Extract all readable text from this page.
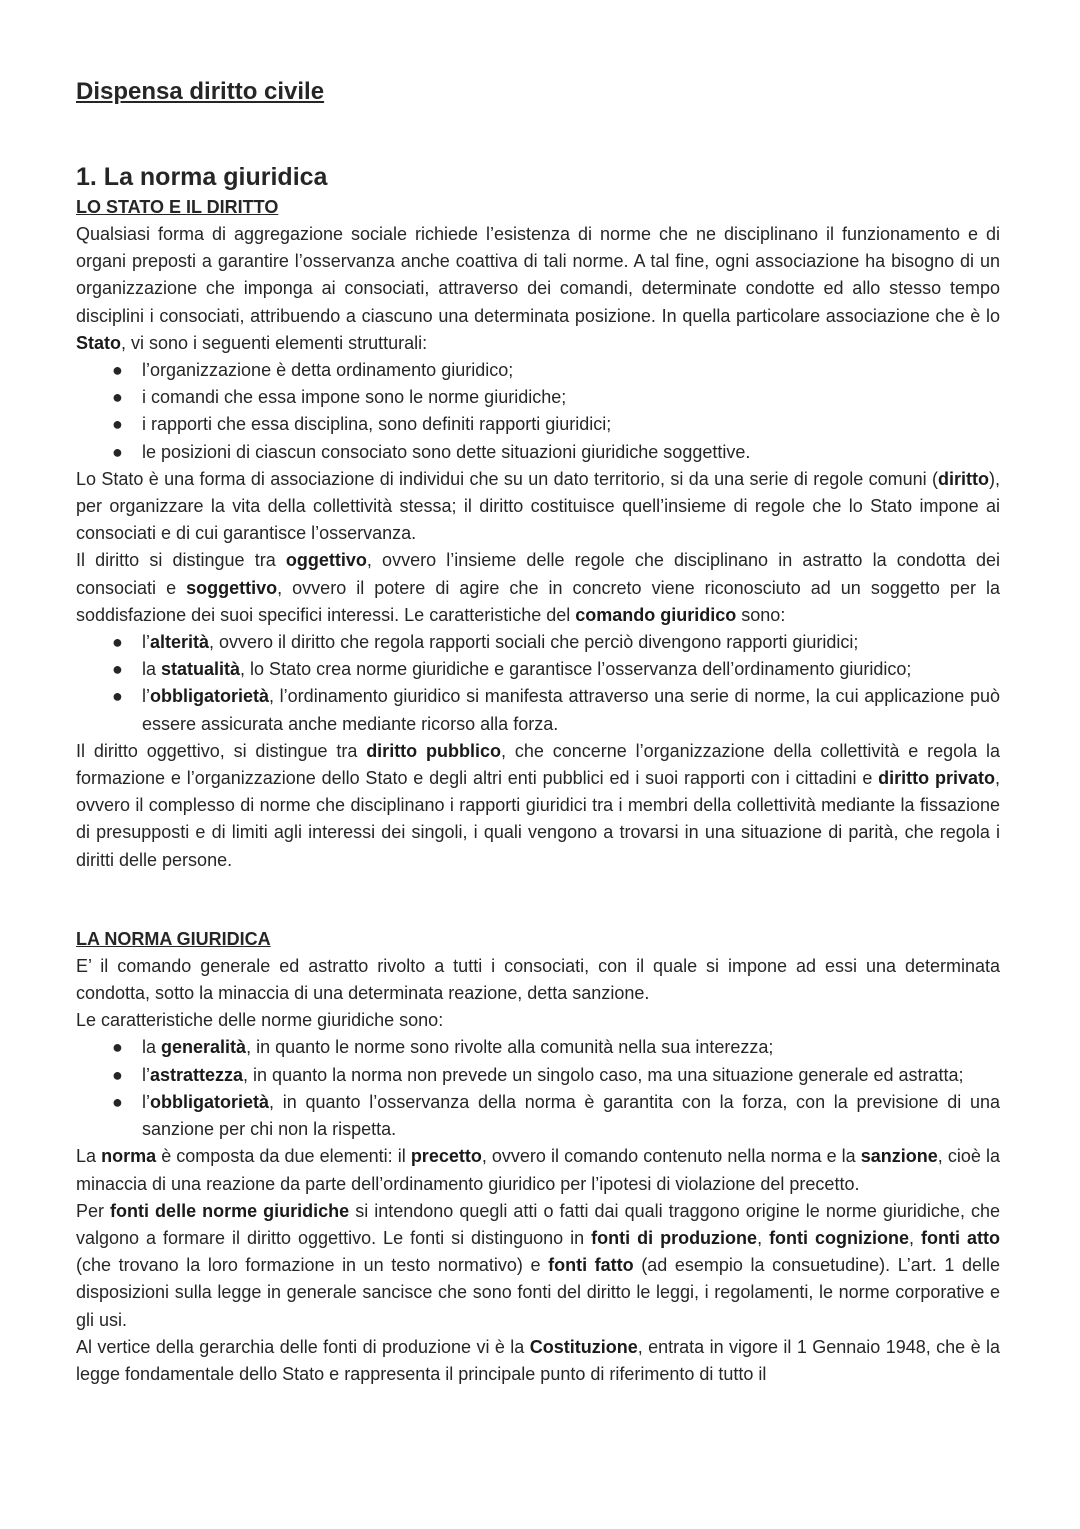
Dispensa diritto civile
1. La norma giuridica
LO STATO E IL DIRITTO

Qualsiasi forma di aggregazione sociale richiede l’esistenza di norme che ne disciplinano il funzionamento e di organi preposti a garantire l’osservanza anche coattiva di tali norme. A tal fine, ogni associazione ha bisogno di un organizzazione che imponga ai consociati, attraverso dei comandi, determinate condotte ed allo stesso tempo disciplini i consociati, attribuendo a ciascuno una determinata posizione. In quella particolare associazione che è lo Stato, vi sono i seguenti elementi strutturali:

● l’organizzazione è detta ordinamento giuridico;
● i comandi che essa impone sono le norme giuridiche;
● i rapporti che essa disciplina, sono definiti rapporti giuridici;
● le posizioni di ciascun consociato sono dette situazioni giuridiche soggettive.

Lo Stato è una forma di associazione di individui che su un dato territorio, si da una serie di regole comuni (diritto), per organizzare la vita della collettività stessa; il diritto costituisce quell’insieme di regole che lo Stato impone ai consociati e di cui garantisce l’osservanza.

Il diritto si distingue tra oggettivo, ovvero l’insieme delle regole che disciplinano in astratto la condotta dei consociati e soggettivo, ovvero il potere di agire che in concreto viene riconosciuto ad un soggetto per la soddisfazione dei suoi specifici interessi. Le caratteristiche del comando giuridico sono:

● l’alterità, ovvero il diritto che regola rapporti sociali che perciò divengono rapporti giuridici;
● la statualità, lo Stato crea norme giuridiche e garantisce l’osservanza dell’ordinamento giuridico;
● l’obbligatorietà, l’ordinamento giuridico si manifesta attraverso una serie di norme, la cui applicazione può essere assicurata anche mediante ricorso alla forza.

Il diritto oggettivo, si distingue tra diritto pubblico, che concerne l’organizzazione della collettività e regola la formazione e l’organizzazione dello Stato e degli altri enti pubblici ed i suoi rapporti con i cittadini e diritto privato, ovvero il complesso di norme che disciplinano i rapporti giuridici tra i membri della collettività mediante la fissazione di presupposti e di limiti agli interessi dei singoli, i quali vengono a trovarsi in una situazione di parità, che regola i diritti delle persone.

LA NORMA GIURIDICA

E’ il comando generale ed astratto rivolto a tutti i consociati, con il quale si impone ad essi una determinata condotta, sotto la minaccia di una determinata reazione, detta sanzione.

Le caratteristiche delle norme giuridiche sono:

● la generalità, in quanto le norme sono rivolte alla comunità nella sua interezza;
● l’astrattezza, in quanto la norma non prevede un singolo caso, ma una situazione generale ed astratta;
● l’obbligatorietà, in quanto l’osservanza della norma è garantita con la forza, con la previsione di una sanzione per chi non la rispetta.

La norma è composta da due elementi: il precetto, ovvero il comando contenuto nella norma e la sanzione, cioè la minaccia di una reazione da parte dell’ordinamento giuridico per l’ipotesi di violazione del precetto.

Per fonti delle norme giuridiche si intendono quegli atti o fatti dai quali traggono origine le norme giuridiche, che valgono a formare il diritto oggettivo. Le fonti si distinguono in fonti di produzione, fonti cognizione, fonti atto (che trovano la loro formazione in un testo normativo) e fonti fatto (ad esempio la consuetudine). L’art. 1 delle disposizioni sulla legge in generale sancisce che sono fonti del diritto le leggi, i regolamenti, le norme corporative e gli usi.

Al vertice della gerarchia delle fonti di produzione vi è la Costituzione, entrata in vigore il 1 Gennaio 1948, che è la legge fondamentale dello Stato e rappresenta il principale punto di riferimento di tutto il
